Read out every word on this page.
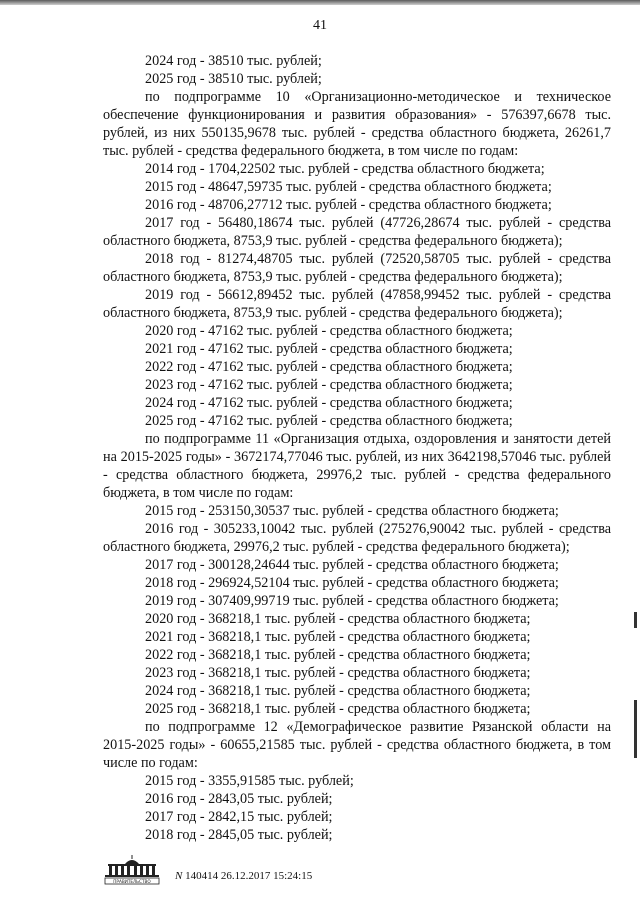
41

2024 год - 38510 тыс. рублей;

2025 год - 38510 тыс. рублей;

по подпрограмме 10 «Организационно-методическое и техническое обеспечение функционирования и развития образования» - 576397,6678 тыс. рублей, из них 550135,9678 тыс. рублей - средства областного бюджета, 26261,7 тыс. рублей - средства федерального бюджета, в том числе по годам:

2014 год - 1704,22502 тыс. рублей - средства областного бюджета;

2015 год - 48647,59735 тыс. рублей - средства областного бюджета;

2016 год - 48706,27712 тыс. рублей - средства областного бюджета;

2017 год - 56480,18674 тыс. рублей (47726,28674 тыс. рублей - средства областного бюджета, 8753,9 тыс. рублей - средства федерального бюджета);

2018 год - 81274,48705 тыс. рублей (72520,58705 тыс. рублей - средства областного бюджета, 8753,9 тыс. рублей - средства федерального бюджета);

2019 год - 56612,89452 тыс. рублей (47858,99452 тыс. рублей - средства областного бюджета, 8753,9 тыс. рублей - средства федерального бюджета);

2020 год - 47162 тыс. рублей - средства областного бюджета;

2021 год - 47162 тыс. рублей - средства областного бюджета;

2022 год - 47162 тыс. рублей - средства областного бюджета;

2023 год - 47162 тыс. рублей - средства областного бюджета;

2024 год - 47162 тыс. рублей - средства областного бюджета;

2025 год - 47162 тыс. рублей - средства областного бюджета;

по подпрограмме 11 «Организация отдыха, оздоровления и занятости детей на 2015-2025 годы» - 3672174,77046 тыс. рублей, из них 3642198,57046 тыс. рублей - средства областного бюджета, 29976,2 тыс. рублей - средства федерального бюджета, в том числе по годам:

2015 год - 253150,30537 тыс. рублей - средства областного бюджета;

2016 год - 305233,10042 тыс. рублей (275276,90042 тыс. рублей - средства областного бюджета, 29976,2 тыс. рублей - средства федерального бюджета);

2017 год - 300128,24644 тыс. рублей - средства областного бюджета;

2018 год - 296924,52104 тыс. рублей - средства областного бюджета;

2019 год - 307409,99719 тыс. рублей - средства областного бюджета;

2020 год - 368218,1 тыс. рублей - средства областного бюджета;

2021 год - 368218,1 тыс. рублей - средства областного бюджета;

2022 год - 368218,1 тыс. рублей - средства областного бюджета;

2023 год - 368218,1 тыс. рублей - средства областного бюджета;

2024 год - 368218,1 тыс. рублей - средства областного бюджета;

2025 год - 368218,1 тыс. рублей - средства областного бюджета;

по подпрограмме 12 «Демографическое развитие Рязанской области на 2015-2025 годы» - 60655,21585 тыс. рублей - средства областного бюджета, в том числе по годам:

2015 год - 3355,91585 тыс. рублей;

2016 год - 2843,05 тыс. рублей;

2017 год - 2842,15 тыс. рублей;

2018 год - 2845,05 тыс. рублей;

ПРАВИТЕЛЬСТВО N 140414 26.12.2017 15:24:15
